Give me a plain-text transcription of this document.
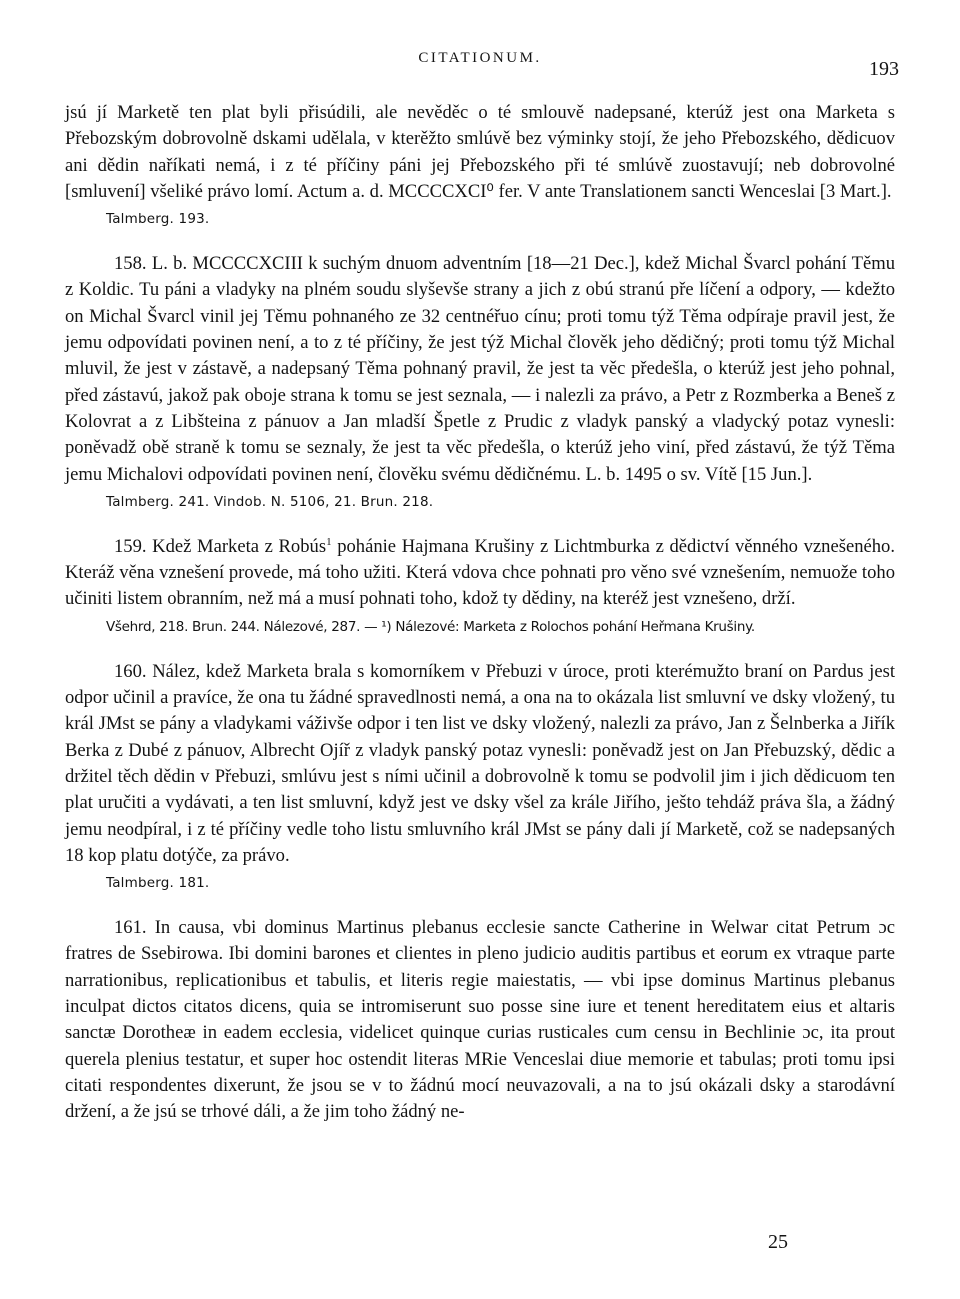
CITATIONUM.	193

jsú jí Marketě ten plat byli přisúdili, ale nevěděc o té smlouvě nadepsané, kterúž jest ona Marketa s Přebozským dobrovolně dskami udělala, v kterěžto smlúvě bez výminky stojí, že jeho Přebozského, dědicuov ani dědin naříkati nemá, i z té příčiny páni jej Přebozského při té smlúvě zuostavují; neb dobrovolné [smluvení] všeliké právo lomí. Actum a. d. MCCCCXCI⁰ fer. V ante Translationem sancti Wenceslai [3 Mart.].

Talmberg. 193.

158. L. b. MCCCCXCIII k suchým dnuom adventním [18—21 Dec.], kdež Michal Švarcl pohání Těmu z Koldic. Tu páni a vladyky na plném soudu slyševše strany a jich z obú stranú pře líčení a odpory, — kdežto on Michal Švarcl vinil jej Těmu pohnaného ze 32 centnéřuo cínu; proti tomu týž Těma odpíraje pravil jest, že jemu odpovídati povinen není, a to z té příčiny, že jest týž Michal člověk jeho dědičný; proti tomu týž Michal mluvil, že jest v zástavě, a nadepsaný Těma pohnaný pravil, že jest ta věc předešla, o kterúž jest jeho pohnal, před zástavú, jakož pak oboje strana k tomu se jest seznala, — i nalezli za právo, a Petr z Rozmberka a Beneš z Kolovrat a z Libšteina z pánuov a Jan mladší Špetle z Prudic z vladyk panský a vladycký potaz vynesli: poněvadž obě straně k tomu se seznaly, že jest ta věc předešla, o kterúž jeho viní, před zástavú, že týž Těma jemu Michalovi odpovídati povinen není, člověku svému dědičnému. L. b. 1495 o sv. Vítě [15 Jun.].

Talmberg. 241. Vindob. N. 5106, 21. Brun. 218.

159. Kdež Marketa z Robús$^1$ pohánie Hajmana Krušiny z Lichtmburka z dědictví věnného vznešeného. Kteráž věna vznešení provede, má toho užiti. Která vdova chce pohnati pro věno své vznešením, nemuože toho učiniti listem obranním, než má a musí pohnati toho, kdož ty dědiny, na kteréž jest vznešeno, drží.

Všehrd, 218. Brun. 244. Nálezové, 287. — ¹) Nálezové: Marketa z Rolochos pohání Heřmana Krušiny.

160. Nález, kdež Marketa brala s komorníkem v Přebuzi v úroce, proti kterémužto braní on Pardus jest odpor učinil a pravíce, že ona tu žádné spravedlnosti nemá, a ona na to okázala list smluvní ve dsky vložený, tu král JMst se pány a vladykami váživše odpor i ten list ve dsky vložený, nalezli za právo, Jan z Šelnberka a Jiřík Berka z Dubé z pánuov, Albrecht Ojíř z vladyk panský potaz vynesli: poněvadž jest on Jan Přebuzský, dědic a držitel těch dědin v Přebuzi, smlúvu jest s ními učinil a dobrovolně k tomu se podvolil jim i jich dědicuom ten plat uručiti a vydávati, a ten list smluvní, když jest ve dsky všel za krále Jiřího, ješto tehdáž práva šla, a žádný jemu neodpíral, i z té příčiny vedle toho listu smluvního král JMst se pány dali jí Marketě, což se nadepsaných 18 kop platu dotýče, za právo.

Talmberg. 181.

161. In causa, vbi dominus Martinus plebanus ecclesie sancte Catherine in Welwar citat Petrum ɔc fratres de Ssebirowa. Ibi domini barones et clientes in pleno judicio auditis partibus et eorum ex vtraque parte narrationibus, replicationibus et tabulis, et literis regie maiestatis, — vbi ipse dominus Martinus plebanus inculpat dictos citatos dicens, quia se intromiserunt suo posse sine iure et tenent hereditatem eius et altaris sanctæ Dorotheæ in eadem ecclesia, videlicet quinque curias rusticales cum censu in Bechlinie ɔc, ita prout querela plenius testatur, et super hoc ostendit literas MRie Venceslai diue memorie et tabulas; proti tomu ipsi citati respondentes dixerunt, že jsou se v to žádnú mocí neuvazovali, a na to jsú okázali dsky a starodávní držení, a že jsú se trhové dáli, a že jim toho žádný ne-

25
